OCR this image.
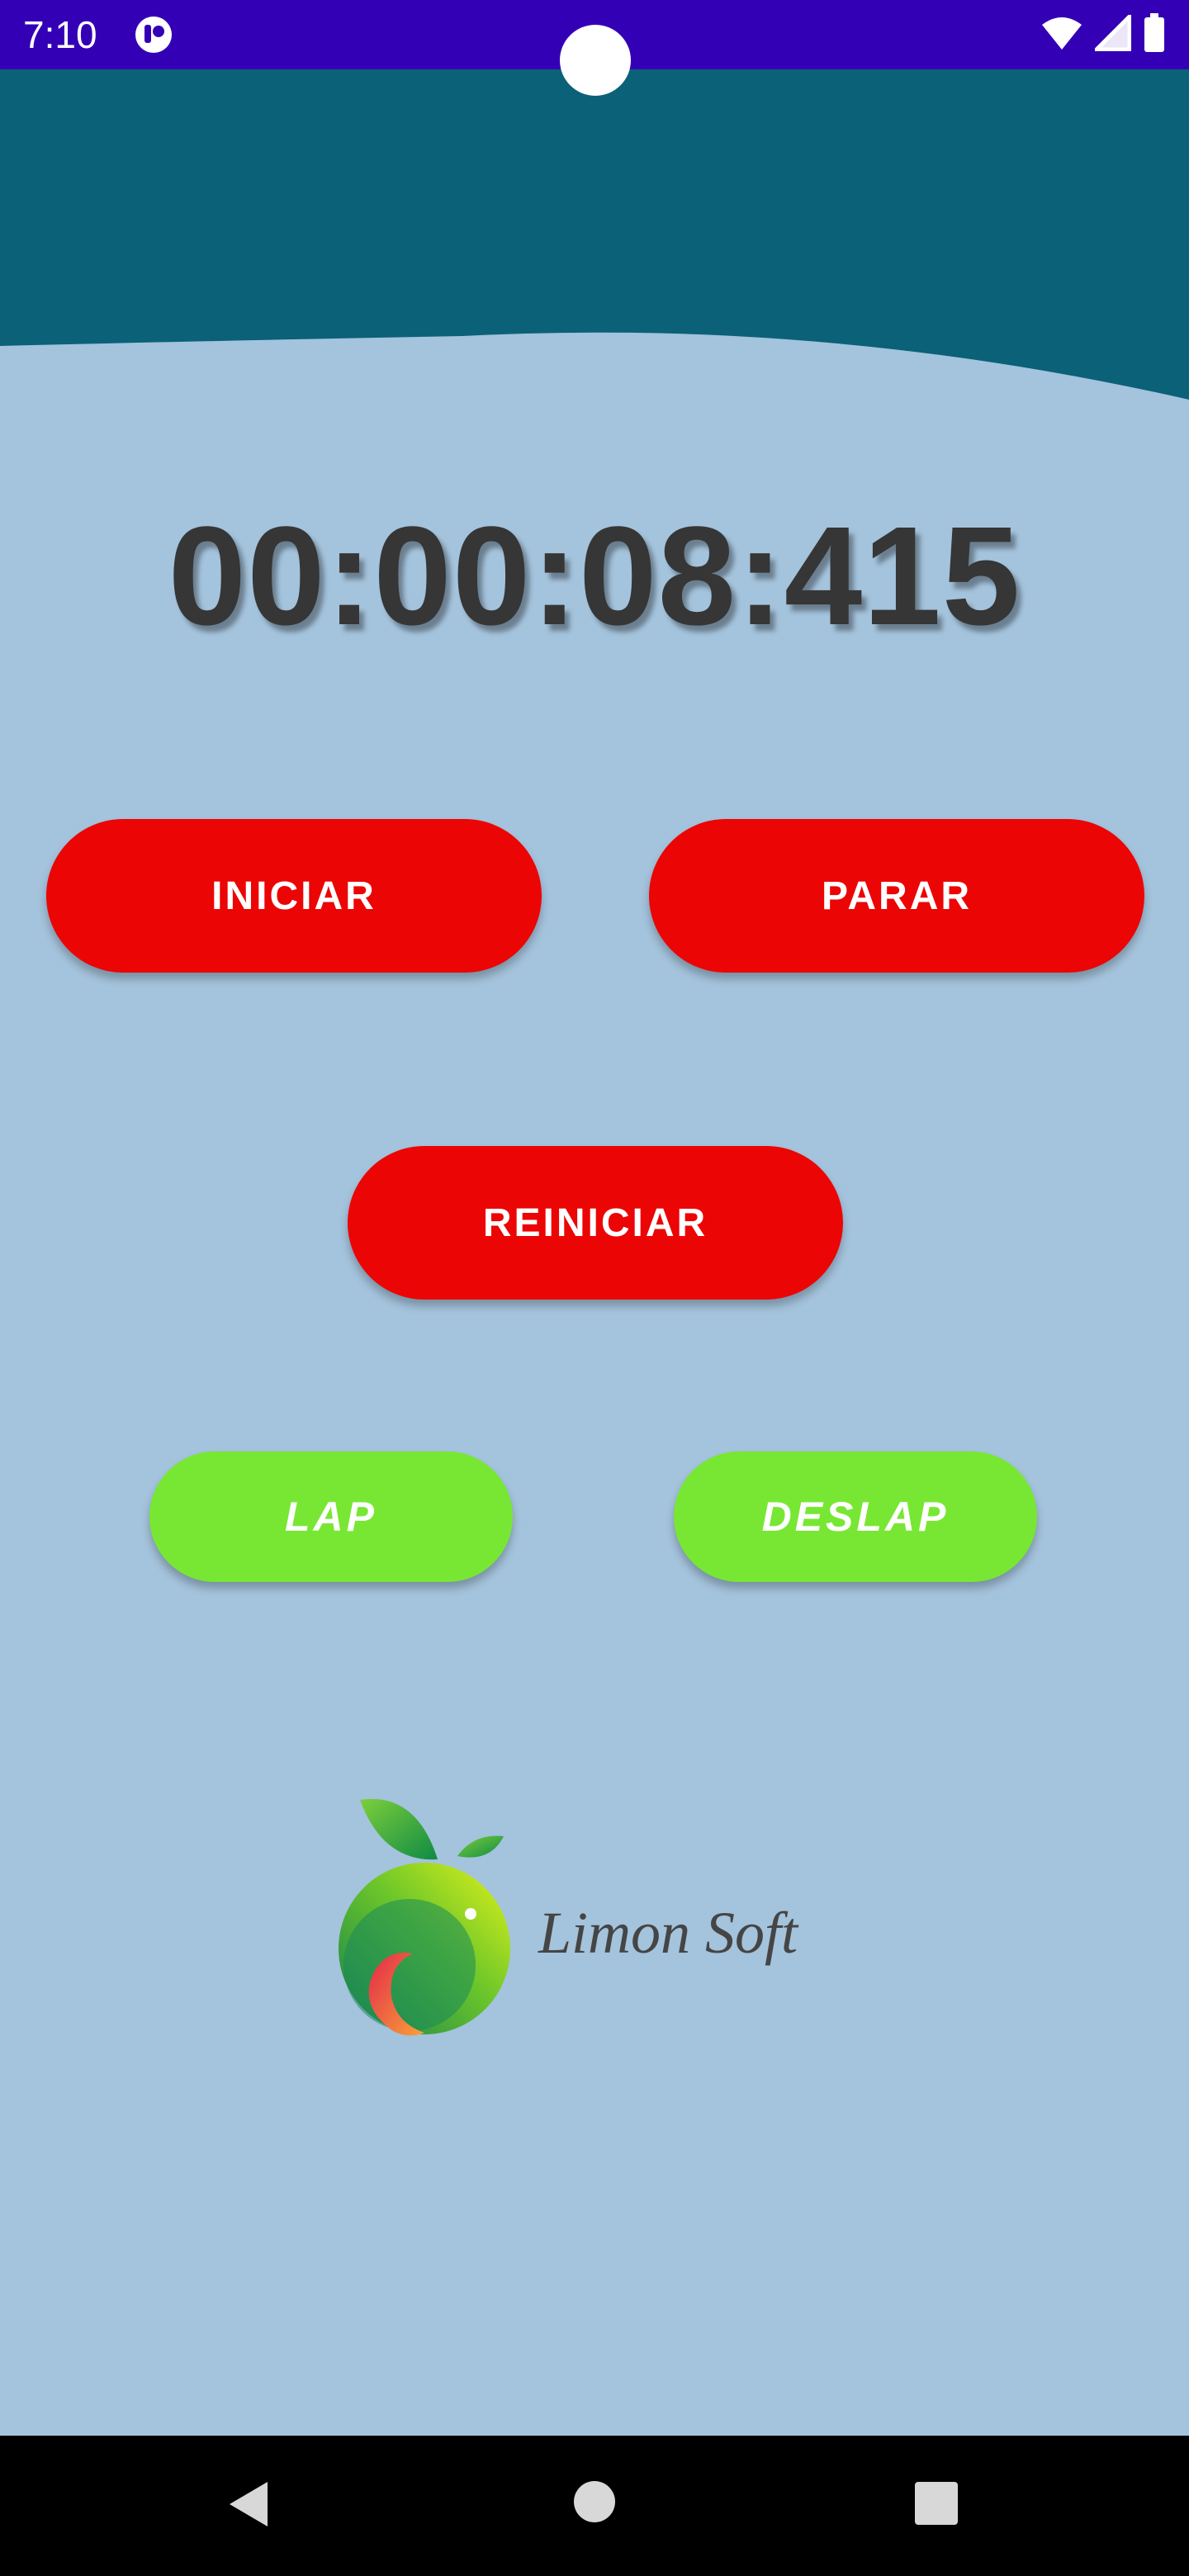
7:10
00:00:08:415
INICIAR	PARAR
REINICIAR
LAP	DESLAP
Limon Soft
